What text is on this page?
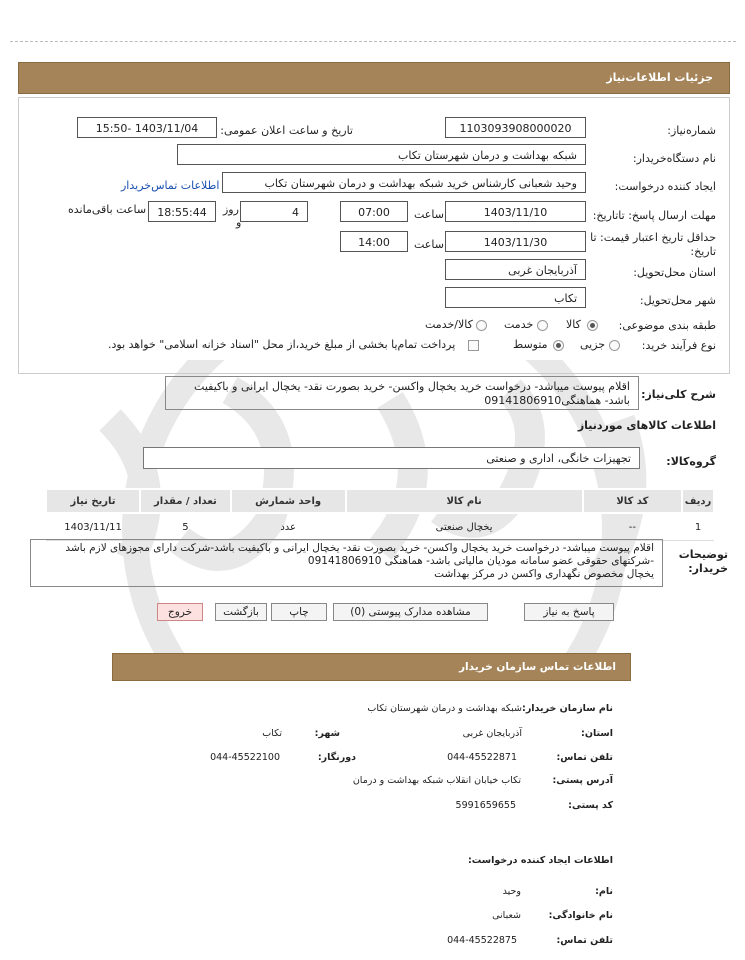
جزئیات اطلاعات‌نیاز
شماره‌نیاز:
1103093908000020
تاریخ و ساعت اعلان عمومی:
1403/11/04 -15:50
نام دستگاه‌خریدار:
شبکه بهداشت و درمان شهرستان تکاب
ایجاد کننده درخواست:
وحید شعبانی کارشناس خرید شبکه بهداشت و درمان شهرستان تکاب
اطلاعات تماس‌خریدار
مهلت ارسال پاسخ: تاتاریخ:
1403/11/10
ساعت
07:00
4
روز
و
18:55:44
ساعت باقی‌مانده
حداقل تاریخ اعتبار قیمت: تا تاریخ:
1403/11/30
ساعت
14:00
استان محل‌تحویل:
آذربایجان غربی
شهر محل‌تحویل:
تکاب
طبقه بندی موضوعی:
کالا
خدمت
کالا/خدمت
نوع فرآیند خرید:
جزیی
متوسط
پرداخت تمام‌یا بخشی از مبلغ خرید،از محل "اسناد خزانه اسلامی" خواهد بود.
شرح کلی‌نیاز:
اقلام پیوست میباشد- درخواست خرید یخچال واکسن- خرید بصورت نقد- یخچال ایرانی و باکیفیت باشد- هماهنگی09141806910
اطلاعات کالاهای موردنیاز
گروه‌کالا:
تجهیزات خانگی، اداری و صنعتی
ردیف	کد کالا	نام کالا	واحد شمارش	تعداد / مقدار	تاریخ نیاز
1	--	یخچال صنعتی	عدد	5	1403/11/11
توضیحات خریدار:
اقلام پیوست میباشد- درخواست خرید یخچال واکسن- خرید بصورت نقد- یخچال ایرانی و باکیفیت باشد-شرکت دارای مجوزهای لازم باشد
-شرکتهای حقوقی عضو سامانه مودیان مالیاتی باشد- هماهنگی 09141806910
یخچال مخصوص نگهداری واکسن در مرکز بهداشت
پاسخ به نیاز
مشاهده مدارک پیوستی (0)
چاپ
بازگشت
خروج
اطلاعات تماس سازمان خریدار
نام سازمان خریدار:
شبکه بهداشت و درمان شهرستان تکاب
استان:
آذربایجان غربی
شهر:
تکاب
تلفن تماس:
044-45522871
دورنگار:
044-45522100
آدرس پستی:
تکاب خیابان انقلاب شبکه بهداشت و درمان
کد پستی:
5991659655
اطلاعات ایجاد کننده درخواست:
نام:
وحید
نام خانوادگی:
شعبانی
تلفن تماس:
044-45522875
